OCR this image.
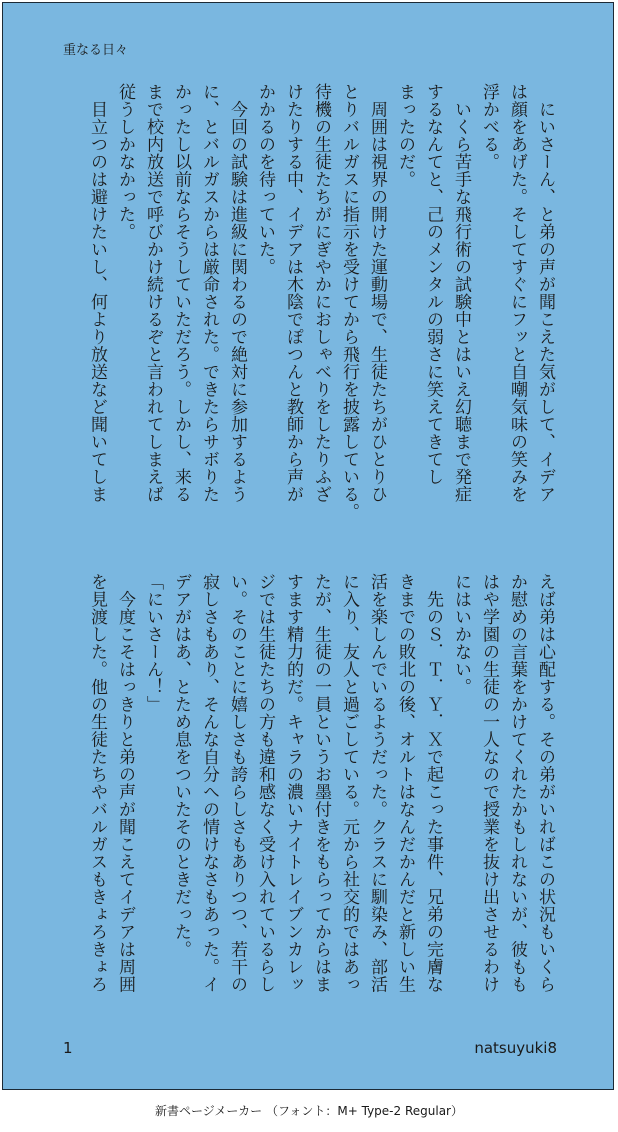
重なる日々
　にいさーん、と弟の声が聞こえた気がして、イデア
は顔をあげた。そしてすぐにフッと自嘲気味の笑みを
浮かべる。
　いくら苦手な飛行術の試験中とはいえ幻聴まで発症
するなんてと、己のメンタルの弱さに笑えてきてし
まったのだ。
　周囲は視界の開けた運動場で、生徒たちがひとりひ
とりバルガスに指示を受けてから飛行を披露している。
待機の生徒たちがにぎやかにおしゃべりをしたりふざ
けたりする中、イデアは木陰でぽつんと教師から声が
かかるのを待っていた。
　今回の試験は進級に関わるので絶対に参加するよう
に、とバルガスからは厳命された。できたらサボりた
かったし以前ならそうしていただろう。しかし、来る
まで校内放送で呼びかけ続けるぞと言われてしまえば
従うしかなかった。
　目立つのは避けたいし、何より放送など聞いてしま
えば弟は心配する。その弟がいればこの状況もいくら
か慰めの言葉をかけてくれたかもしれないが、彼もも
はや学園の生徒の一人なので授業を抜け出させるわけ
にはいかない。
　先のＳ．Ｔ．Ｙ．Ｘで起こった事件、兄弟の完膚な
きまでの敗北の後、オルトはなんだかんだと新しい生
活を楽しんでいるようだった。クラスに馴染み、部活
に入り、友人と過ごしている。元から社交的ではあっ
たが、生徒の一員というお墨付きをもらってからはま
すます精力的だ。キャラの濃いナイトレイブンカレッ
ジでは生徒たちの方も違和感なく受け入れているらし
い。そのことに嬉しさも誇らしさもありつつ、若干の
寂しさもあり、そんな自分への情けなさもあった。イ
デアがはあ、とため息をついたそのときだった。
「にいさーん！」
　今度こそはっきりと弟の声が聞こえてイデアは周囲
を見渡した。他の生徒たちやバルガスもきょろきょろ
1	natsuyuki8
新書ページメーカー （フォント：M+ Type-2 Regular）
